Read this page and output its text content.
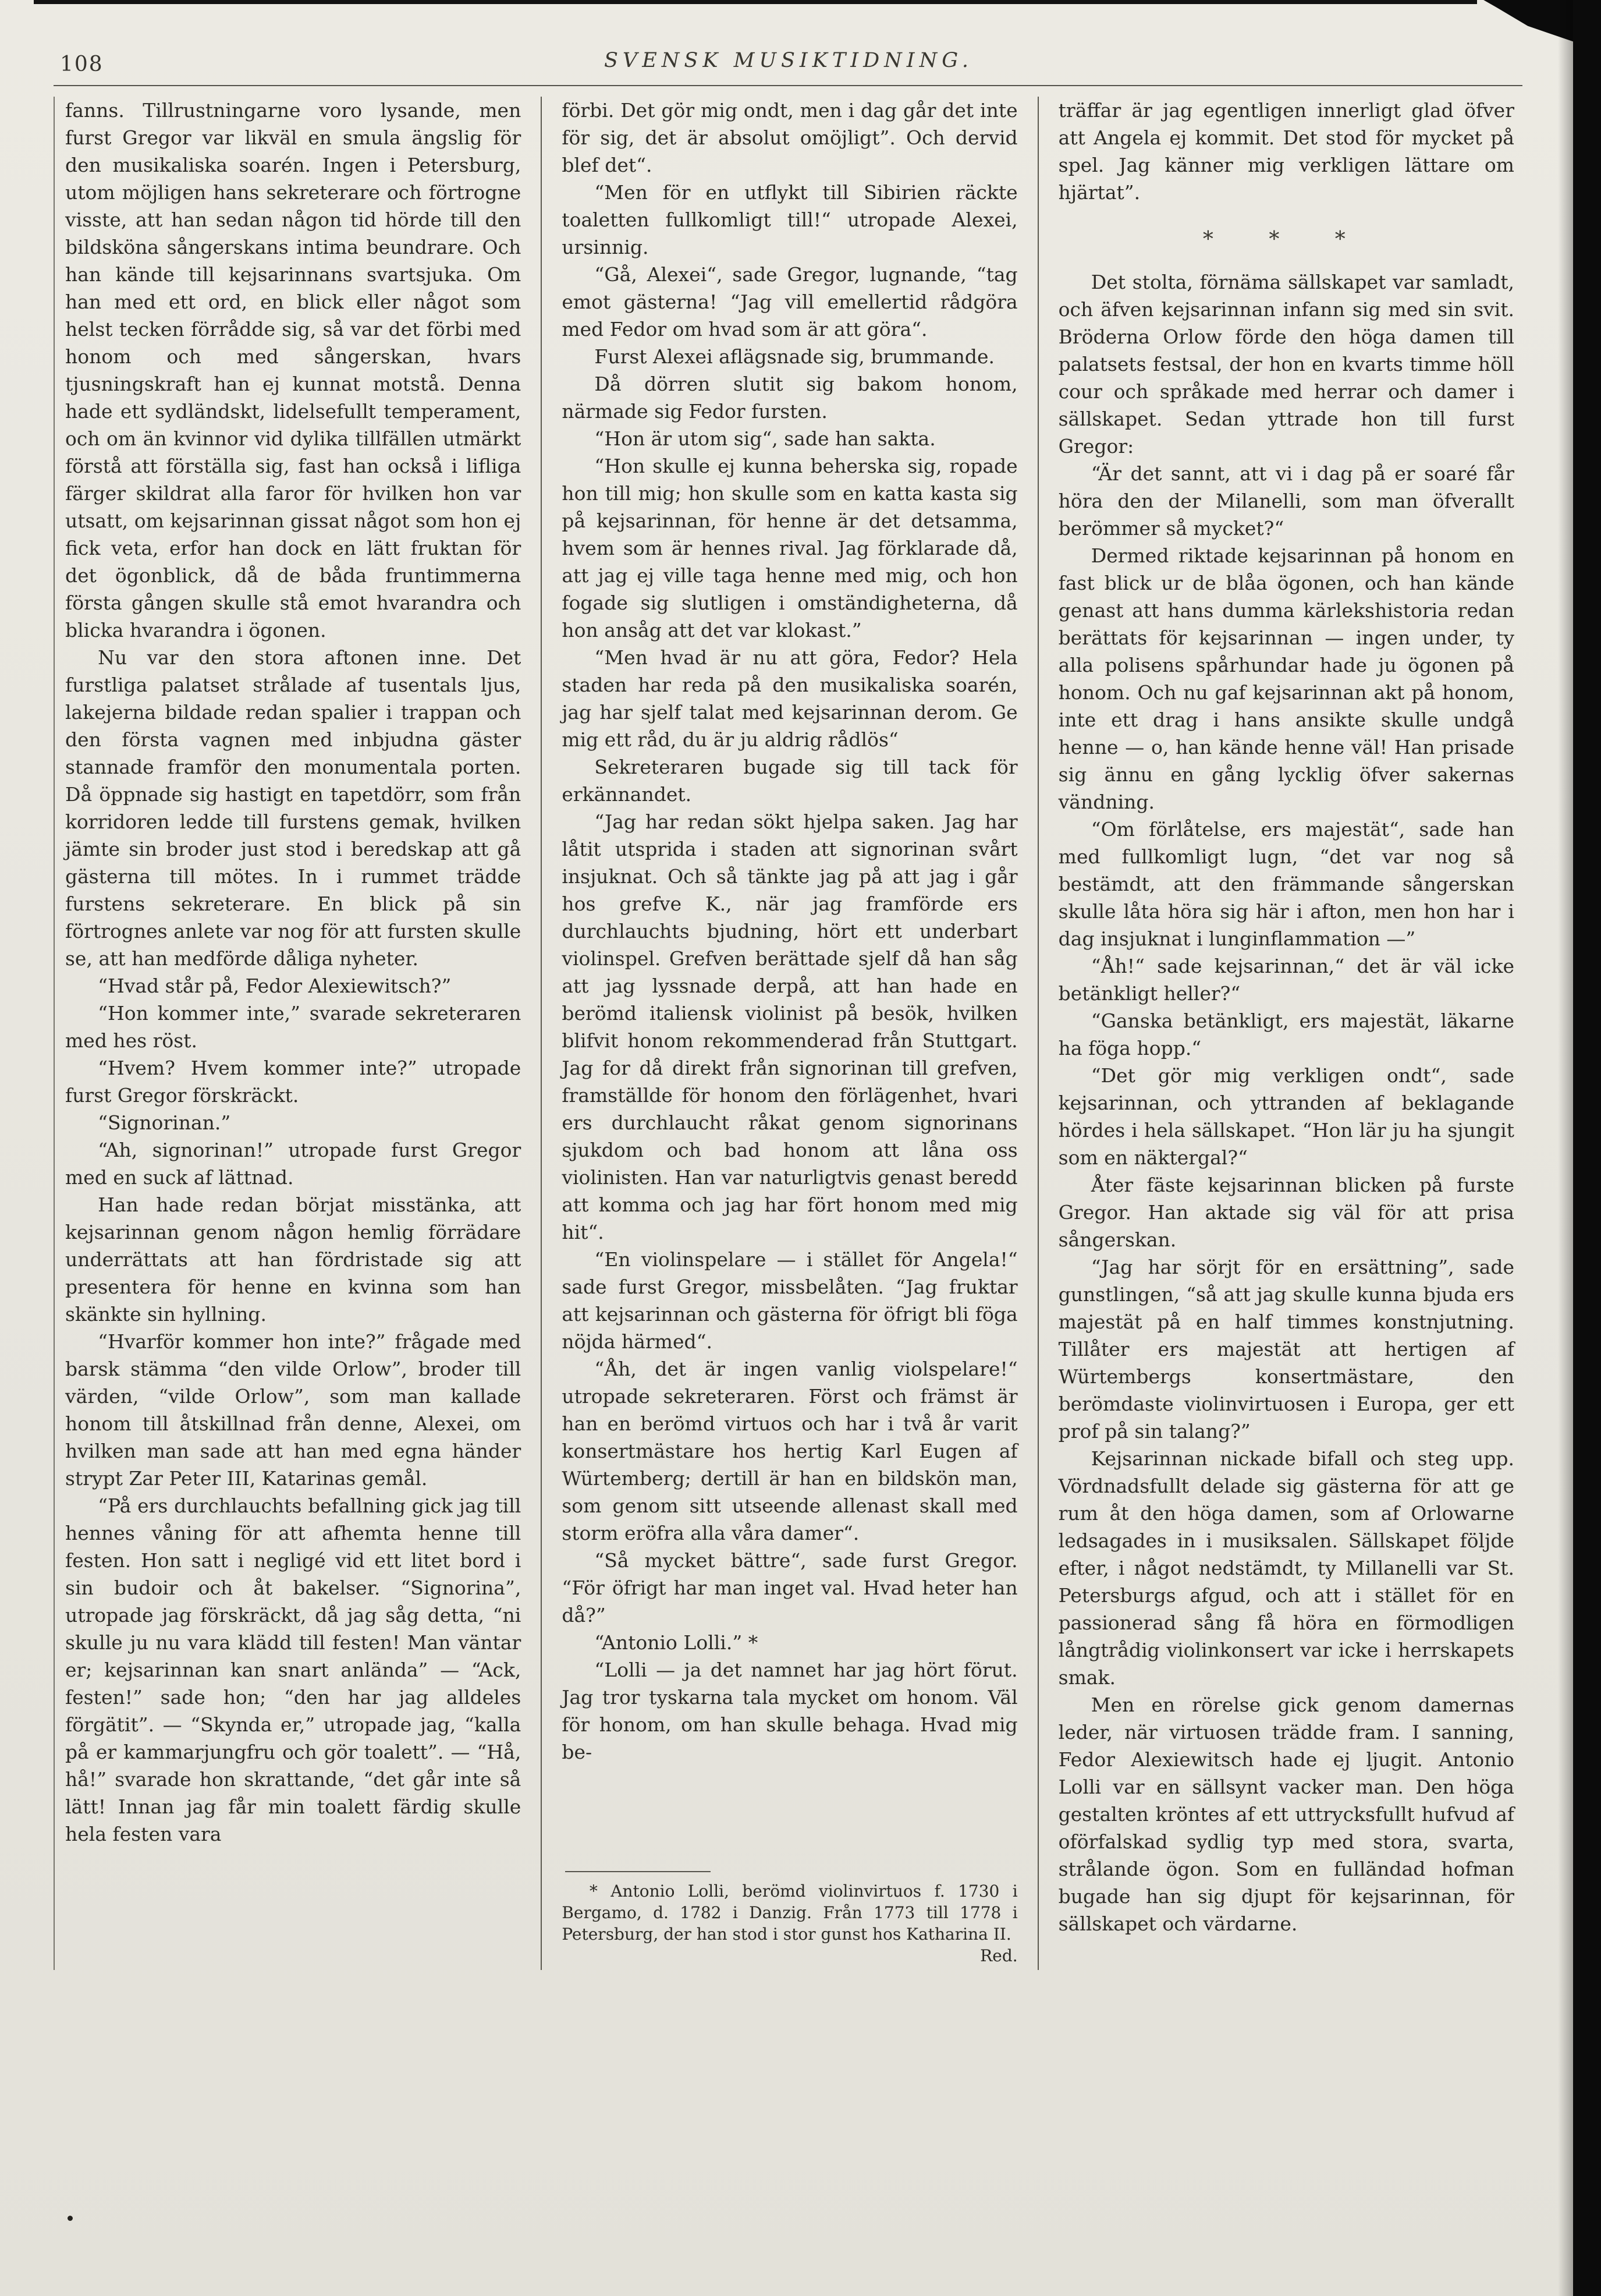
108	SVENSK MUSIKTIDNING.

fanns. Tillrustningarne voro lysande, men furst Gregor var likväl en smula ängslig för den musikaliska soarén. Ingen i Petersburg, utom möjligen hans sekreterare och förtrogne visste, att han sedan någon tid hörde till den bildsköna sångerskans intima beundrare. Och han kände till kejsarinnans svartsjuka. Om han med ett ord, en blick eller något som helst tecken förrådde sig, så var det förbi med honom och med sångerskan, hvars tjusningskraft han ej kunnat motstå. Denna hade ett sydländskt, lidelsefullt temperament, och om än kvinnor vid dylika tillfällen utmärkt förstå att förställa sig, fast han också i lifliga färger skildrat alla faror för hvilken hon var utsatt, om kejsarinnan gissat något som hon ej fick veta, erfor han dock en lätt fruktan för det ögonblick, då de båda fruntimmerna första gången skulle stå emot hvarandra och blicka hvarandra i ögonen.

Nu var den stora aftonen inne. Det furstliga palatset strålade af tusentals ljus, lakejerna bildade redan spalier i trappan och den första vagnen med inbjudna gäster stannade framför den monumentala porten. Då öppnade sig hastigt en tapetdörr, som från korridoren ledde till furstens gemak, hvilken jämte sin broder just stod i beredskap att gå gästerna till mötes. In i rummet trädde furstens sekreterare. En blick på sin förtrognes anlete var nog för att fursten skulle se, att han medförde dåliga nyheter.

“Hvad står på, Fedor Alexiewitsch?”

“Hon kommer inte,” svarade sekreteraren med hes röst.

“Hvem? Hvem kommer inte?” utropade furst Gregor förskräckt.

“Signorinan.”

“Ah, signorinan!” utropade furst Gregor med en suck af lättnad.

Han hade redan börjat misstänka, att kejsarinnan genom någon hemlig förrädare underrättats att han fördristade sig att presentera för henne en kvinna som han skänkte sin hyllning.

“Hvarför kommer hon inte?” frågade med barsk stämma “den vilde Orlow”, broder till värden, “vilde Orlow”, som man kallade honom till åtskillnad från denne, Alexei, om hvilken man sade att han med egna händer strypt Zar Peter III, Katarinas gemål.

“På ers durchlauchts befallning gick jag till hennes våning för att afhemta henne till festen. Hon satt i negligé vid ett litet bord i sin budoir och åt bakelser. “Signorina”, utropade jag förskräckt, då jag såg detta, “ni skulle ju nu vara klädd till festen! Man väntar er; kejsarinnan kan snart anlända” — “Ack, festen!” sade hon; “den har jag alldeles förgätit”. — “Skynda er,” utropade jag, “kalla på er kammarjungfru och gör toalett”. — “Hå, hå!” svarade hon skrattande, “det går inte så lätt! Innan jag får min toalett färdig skulle hela festen vara

förbi. Det gör mig ondt, men i dag går det inte för sig, det är absolut omöjligt”. Och dervid blef det“.

“Men för en utflykt till Sibirien räckte toaletten fullkomligt till!“ utropade Alexei, ursinnig.

“Gå, Alexei“, sade Gregor, lugnande, “tag emot gästerna! “Jag vill emellertid rådgöra med Fedor om hvad som är att göra“.

Furst Alexei aflägsnade sig, brummande.

Då dörren slutit sig bakom honom, närmade sig Fedor fursten.

“Hon är utom sig“, sade han sakta.

“Hon skulle ej kunna beherska sig, ropade hon till mig; hon skulle som en katta kasta sig på kejsarinnan, för henne är det detsamma, hvem som är hennes rival. Jag förklarade då, att jag ej ville taga henne med mig, och hon fogade sig slutligen i omständigheterna, då hon ansåg att det var klokast.”

“Men hvad är nu att göra, Fedor? Hela staden har reda på den musikaliska soarén, jag har sjelf talat med kejsarinnan derom. Ge mig ett råd, du är ju aldrig rådlös“

Sekreteraren bugade sig till tack för erkännandet.

“Jag har redan sökt hjelpa saken. Jag har låtit utsprida i staden att signorinan svårt insjuknat. Och så tänkte jag på att jag i går hos grefve K., när jag framförde ers durchlauchts bjudning, hört ett underbart violinspel. Grefven berättade sjelf då han såg att jag lyssnade derpå, att han hade en berömd italiensk violinist på besök, hvilken blifvit honom rekommenderad från Stuttgart. Jag for då direkt från signorinan till grefven, framställde för honom den förlägenhet, hvari ers durchlaucht råkat genom signorinans sjukdom och bad honom att låna oss violinisten. Han var naturligtvis genast beredd att komma och jag har fört honom med mig hit“.

“En violinspelare — i stället för Angela!“ sade furst Gregor, missbelåten. “Jag fruktar att kejsarinnan och gästerna för öfrigt bli föga nöjda härmed“.

“Åh, det är ingen vanlig violspelare!“ utropade sekreteraren. Först och främst är han en berömd virtuos och har i två år varit konsertmästare hos hertig Karl Eugen af Würtemberg; dertill är han en bildskön man, som genom sitt utseende allenast skall med storm eröfra alla våra damer“.

“Så mycket bättre“, sade furst Gregor. “För öfrigt har man inget val. Hvad heter han då?”

“Antonio Lolli.” *

“Lolli — ja det namnet har jag hört förut. Jag tror tyskarna tala mycket om honom. Väl för honom, om han skulle behaga. Hvad mig be-

* Antonio Lolli, berömd violinvirtuos f. 1730 i Bergamo, d. 1782 i Danzig. Från 1773 till 1778 i Petersburg, der han stod i stor gunst hos Katharina II.
Red.

träffar är jag egentligen innerligt glad öfver att Angela ej kommit. Det stod för mycket på spel. Jag känner mig verkligen lättare om hjärtat”.

* * *

Det stolta, förnäma sällskapet var samladt, och äfven kejsarinnan infann sig med sin svit. Bröderna Orlow förde den höga damen till palatsets festsal, der hon en kvarts timme höll cour och språkade med herrar och damer i sällskapet. Sedan yttrade hon till furst Gregor:

“Är det sannt, att vi i dag på er soaré får höra den der Milanelli, som man öfverallt berömmer så mycket?“

Dermed riktade kejsarinnan på honom en fast blick ur de blåa ögonen, och han kände genast att hans dumma kärlekshistoria redan berättats för kejsarinnan — ingen under, ty alla polisens spårhundar hade ju ögonen på honom. Och nu gaf kejsarinnan akt på honom, inte ett drag i hans ansikte skulle undgå henne — o, han kände henne väl! Han prisade sig ännu en gång lycklig öfver sakernas vändning.

“Om förlåtelse, ers majestät“, sade han med fullkomligt lugn, “det var nog så bestämdt, att den främmande sångerskan skulle låta höra sig här i afton, men hon har i dag insjuknat i lunginflammation —”

“Åh!“ sade kejsarinnan,“ det är väl icke betänkligt heller?“

“Ganska betänkligt, ers majestät, läkarne ha föga hopp.“

“Det gör mig verkligen ondt“, sade kejsarinnan, och yttranden af beklagande hördes i hela sällskapet. “Hon lär ju ha sjungit som en näktergal?“

Åter fäste kejsarinnan blicken på furste Gregor. Han aktade sig väl för att prisa sångerskan.

“Jag har sörjt för en ersättning”, sade gunstlingen, “så att jag skulle kunna bjuda ers majestät på en half timmes konstnjutning. Tillåter ers majestät att hertigen af Würtembergs konsertmästare, den berömdaste violinvirtuosen i Europa, ger ett prof på sin talang?”

Kejsarinnan nickade bifall och steg upp. Vördnadsfullt delade sig gästerna för att ge rum åt den höga damen, som af Orlowarne ledsagades in i musiksalen. Sällskapet följde efter, i något nedstämdt, ty Millanelli var St. Petersburgs afgud, och att i stället för en passionerad sång få höra en förmodligen långtrådig violinkonsert var icke i herrskapets smak.

Men en rörelse gick genom damernas leder, när virtuosen trädde fram. I sanning, Fedor Alexiewitsch hade ej ljugit. Antonio Lolli var en sällsynt vacker man. Den höga gestalten kröntes af ett uttrycksfullt hufvud af oförfalskad sydlig typ med stora, svarta, strålande ögon. Som en fulländad hofman bugade han sig djupt för kejsarinnan, för sällskapet och värdarne.
